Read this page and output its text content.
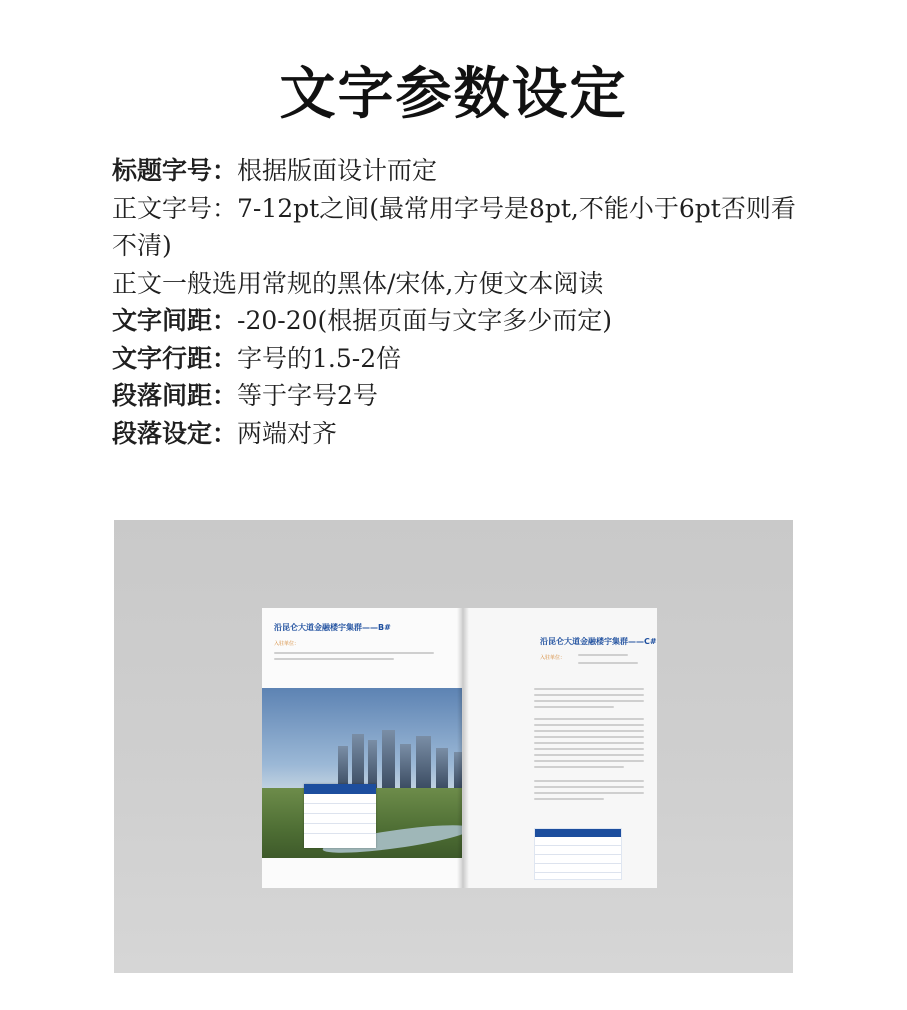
文字参数设定

标题字号：根据版面设计而定

正文字号：7-12pt之间(最常用字号是8pt,不能小于6pt否则看不清)

正文一般选用常规的黑体/宋体,方便文本阅读

文字间距：-20-20(根据页面与文字多少而定)

文字行距：字号的1.5-2倍

段落间距：等于字号2号

段落设定：两端对齐

沿昆仑大道金融楼宇集群——B#
入驻单位：	沿昆仑大道金融楼宇集群——C#
入驻单位：
